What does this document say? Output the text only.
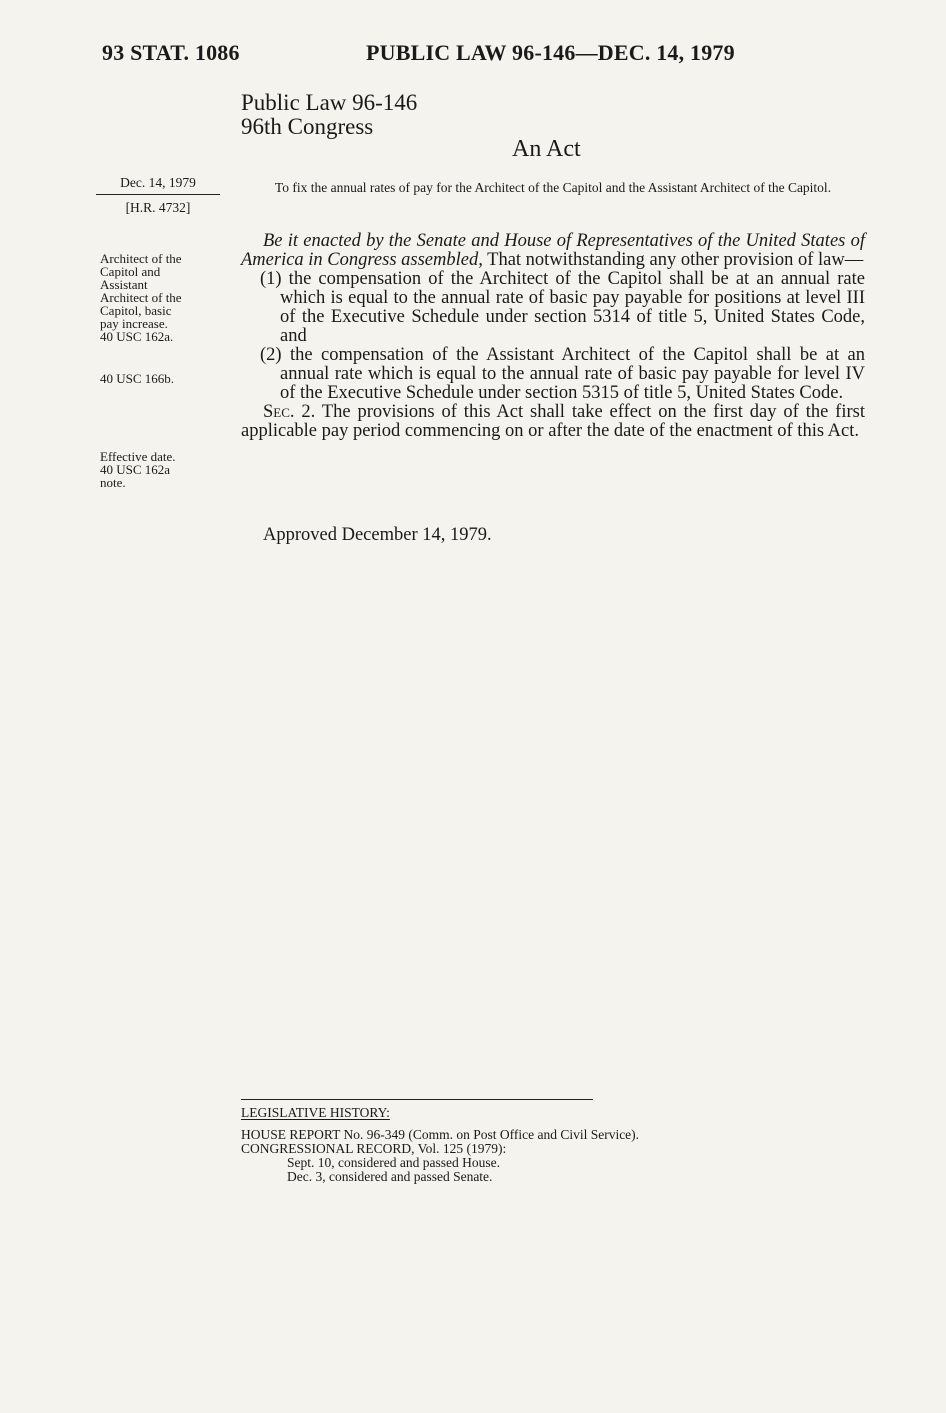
93 STAT. 1086	PUBLIC LAW 96-146—DEC. 14, 1979
Public Law 96-146
96th Congress
An Act
Dec. 14, 1979
[H.R. 4732]
Architect of the
Capitol and
Assistant
Architect of the
Capitol, basic
pay increase.
40 USC 162a.
40 USC 166b.
Effective date.
40 USC 162a
note.
To fix the annual rates of pay for the Architect of the Capitol and the Assistant Architect of the Capitol.
Be it enacted by the Senate and House of Representatives of the United States of America in Congress assembled, That notwithstanding any other provision of law—
(1) the compensation of the Architect of the Capitol shall be at an annual rate which is equal to the annual rate of basic pay payable for positions at level III of the Executive Schedule under section 5314 of title 5, United States Code, and
(2) the compensation of the Assistant Architect of the Capitol shall be at an annual rate which is equal to the annual rate of basic pay payable for level IV of the Executive Schedule under section 5315 of title 5, United States Code.
Sec. 2. The provisions of this Act shall take effect on the first day of the first applicable pay period commencing on or after the date of the enactment of this Act.
Approved December 14, 1979.
LEGISLATIVE HISTORY:
HOUSE REPORT No. 96-349 (Comm. on Post Office and Civil Service).
CONGRESSIONAL RECORD, Vol. 125 (1979):
Sept. 10, considered and passed House.
Dec. 3, considered and passed Senate.
